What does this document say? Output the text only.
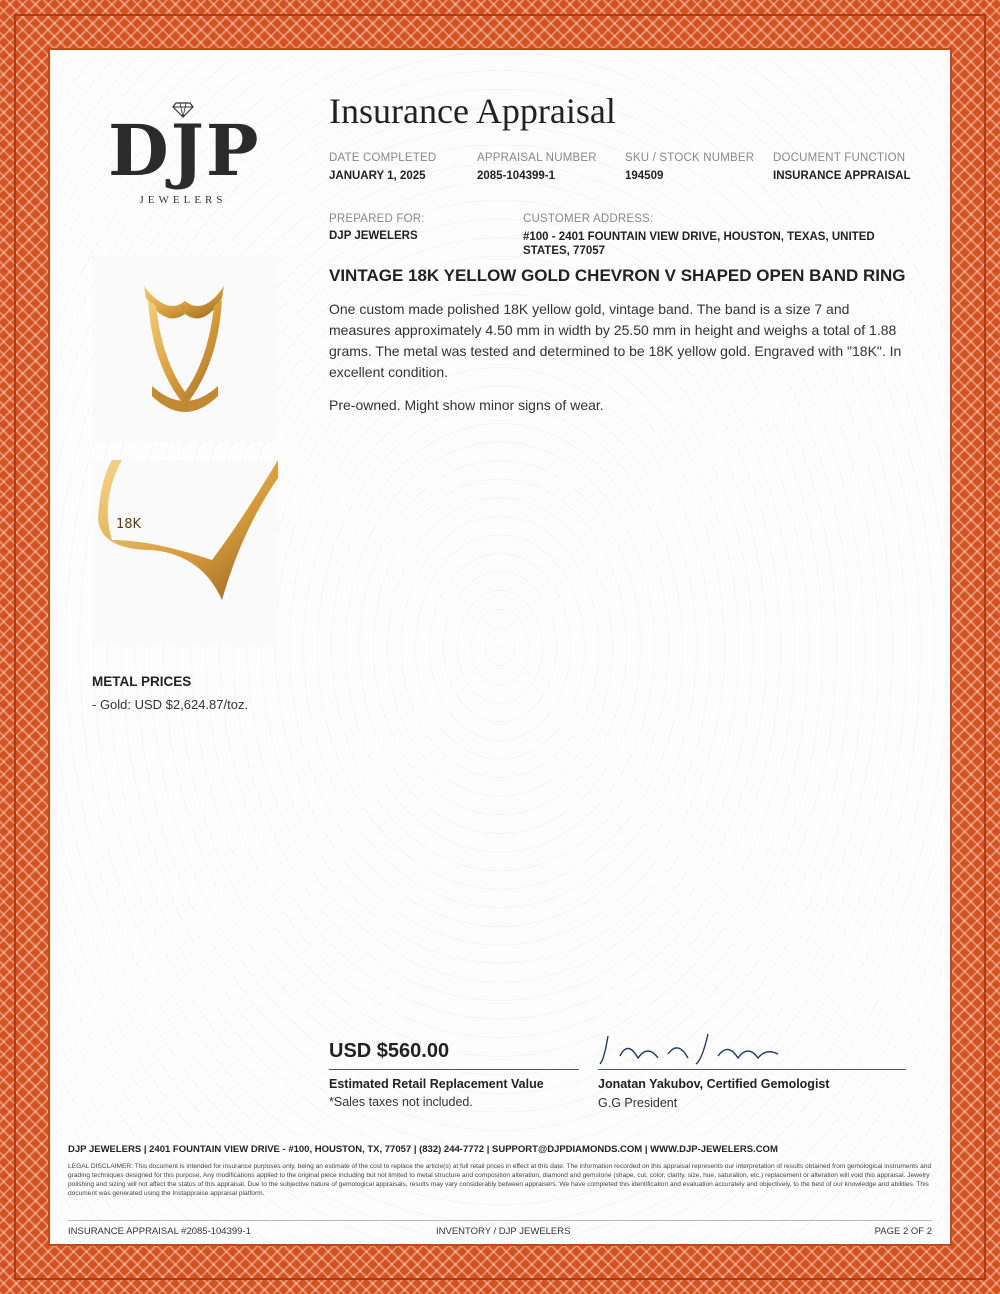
DJP
JEWELERS
Insurance Appraisal
DATE COMPLETED
JANUARY 1, 2025
APPRAISAL NUMBER
2085-104399-1
SKU / STOCK NUMBER
194509
DOCUMENT FUNCTION
INSURANCE APPRAISAL
PREPARED FOR:
DJP JEWELERS
CUSTOMER ADDRESS:
#100 - 2401 FOUNTAIN VIEW DRIVE, HOUSTON, TEXAS, UNITED STATES, 77057
VINTAGE 18K YELLOW GOLD CHEVRON V SHAPED OPEN BAND RING
One custom made polished 18K yellow gold, vintage band. The band is a size 7 and measures approximately 4.50 mm in width by 25.50 mm in height and weighs a total of 1.88 grams. The metal was tested and determined to be 18K yellow gold. Engraved with "18K". In excellent condition.
Pre-owned. Might show minor signs of wear.
18K
METAL PRICES
- Gold: USD $2,624.87/toz.
USD $560.00
Estimated Retail Replacement Value
*Sales taxes not included.
Jonatan Yakubov, Certified Gemologist
G.G President
DJP JEWELERS | 2401 FOUNTAIN VIEW DRIVE - #100, HOUSTON, TX, 77057 | (832) 244-7772 | SUPPORT@DJPDIAMONDS.COM | WWW.DJP-JEWELERS.COM
LEGAL DISCLAIMER: This document is intended for insurance purposes only, being an estimate of the cost to replace the article(s) at full retail prices in effect at this date. The information recorded on this appraisal represents our interpretation of results obtained from gemological instruments and grading techniques designed for this purpose. Any modifications applied to the original piece including but not limited to metal structure and composition alteration, diamond and gemstone (shape, cut, color, clarity, size, hue, saturation, etc.) replacement or alteration will void this appraisal. Jewelry polishing and sizing will not affect the status of this appraisal. Due to the subjective nature of gemological appraisals, results may vary considerably between appraisers. We have completed this identification and evaluation accurately and objectively, to the best of our knowledge and abilities. This document was generated using the Instappraise appraisal platform.
INSURANCE APPRAISAL #2085-104399-1	INVENTORY / DJP JEWELERS	PAGE 2 OF 2
